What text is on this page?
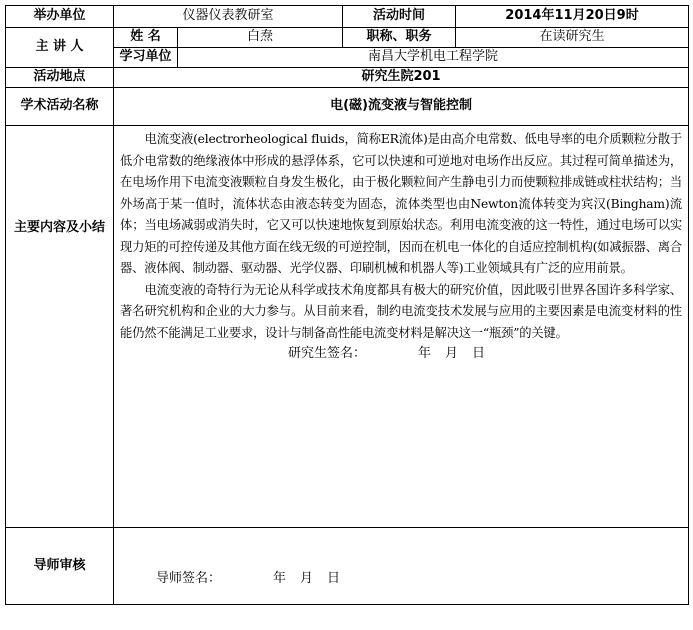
举办单位	仪器仪表教研室		活动时间	2014年11月20日9时
主 讲 人	姓 名	白焘	职称、职务	在读研究生
	学习单位	南昌大学机电工程学院		
活动地点	研究生院201			
学术活动名称	电(磁)流变液与智能控制			
主要内容及小结	电流变液(electrorheological fluids，简称ER流体)是由高介电常数、低电导率的电介质颗粒分散于低介电常数的绝缘液体中形成的悬浮体系，它可以快速和可逆地对电场作出反应。其过程可简单描述为，在电场作用下电流变液颗粒自身发生极化，由于极化颗粒间产生静电引力而使颗粒排成链或柱状结构；当外场高于某一值时，流体状态由液态转变为固态，流体类型也由Newton流体转变为宾汉(Bingham)流体；当电场减弱或消失时，它又可以快速地恢复到原始状态。利用电流变液的这一特性，通过电场可以实现力矩的可控传递及其他方面在线无级的可逆控制，因而在机电一体化的自适应控制机构(如减振器、离合器、液体阀、制动器、驱动器、光学仪器、印刷机械和机器人等)工业领域具有广泛的应用前景。

电流变液的奇特行为无论从科学或技术角度都具有极大的研究价值，因此吸引世界各国许多科学家、著名研究机构和企业的大力参与。从目前来看，制约电流变技术发展与应用的主要因素是电流变材料的性能仍然不能满足工业要求，设计与制备高性能电流变材料是解决这一“瓶颈”的关键。

研究生签名： 年 月 日			

导师审核	导师签名： 年 月 日			
